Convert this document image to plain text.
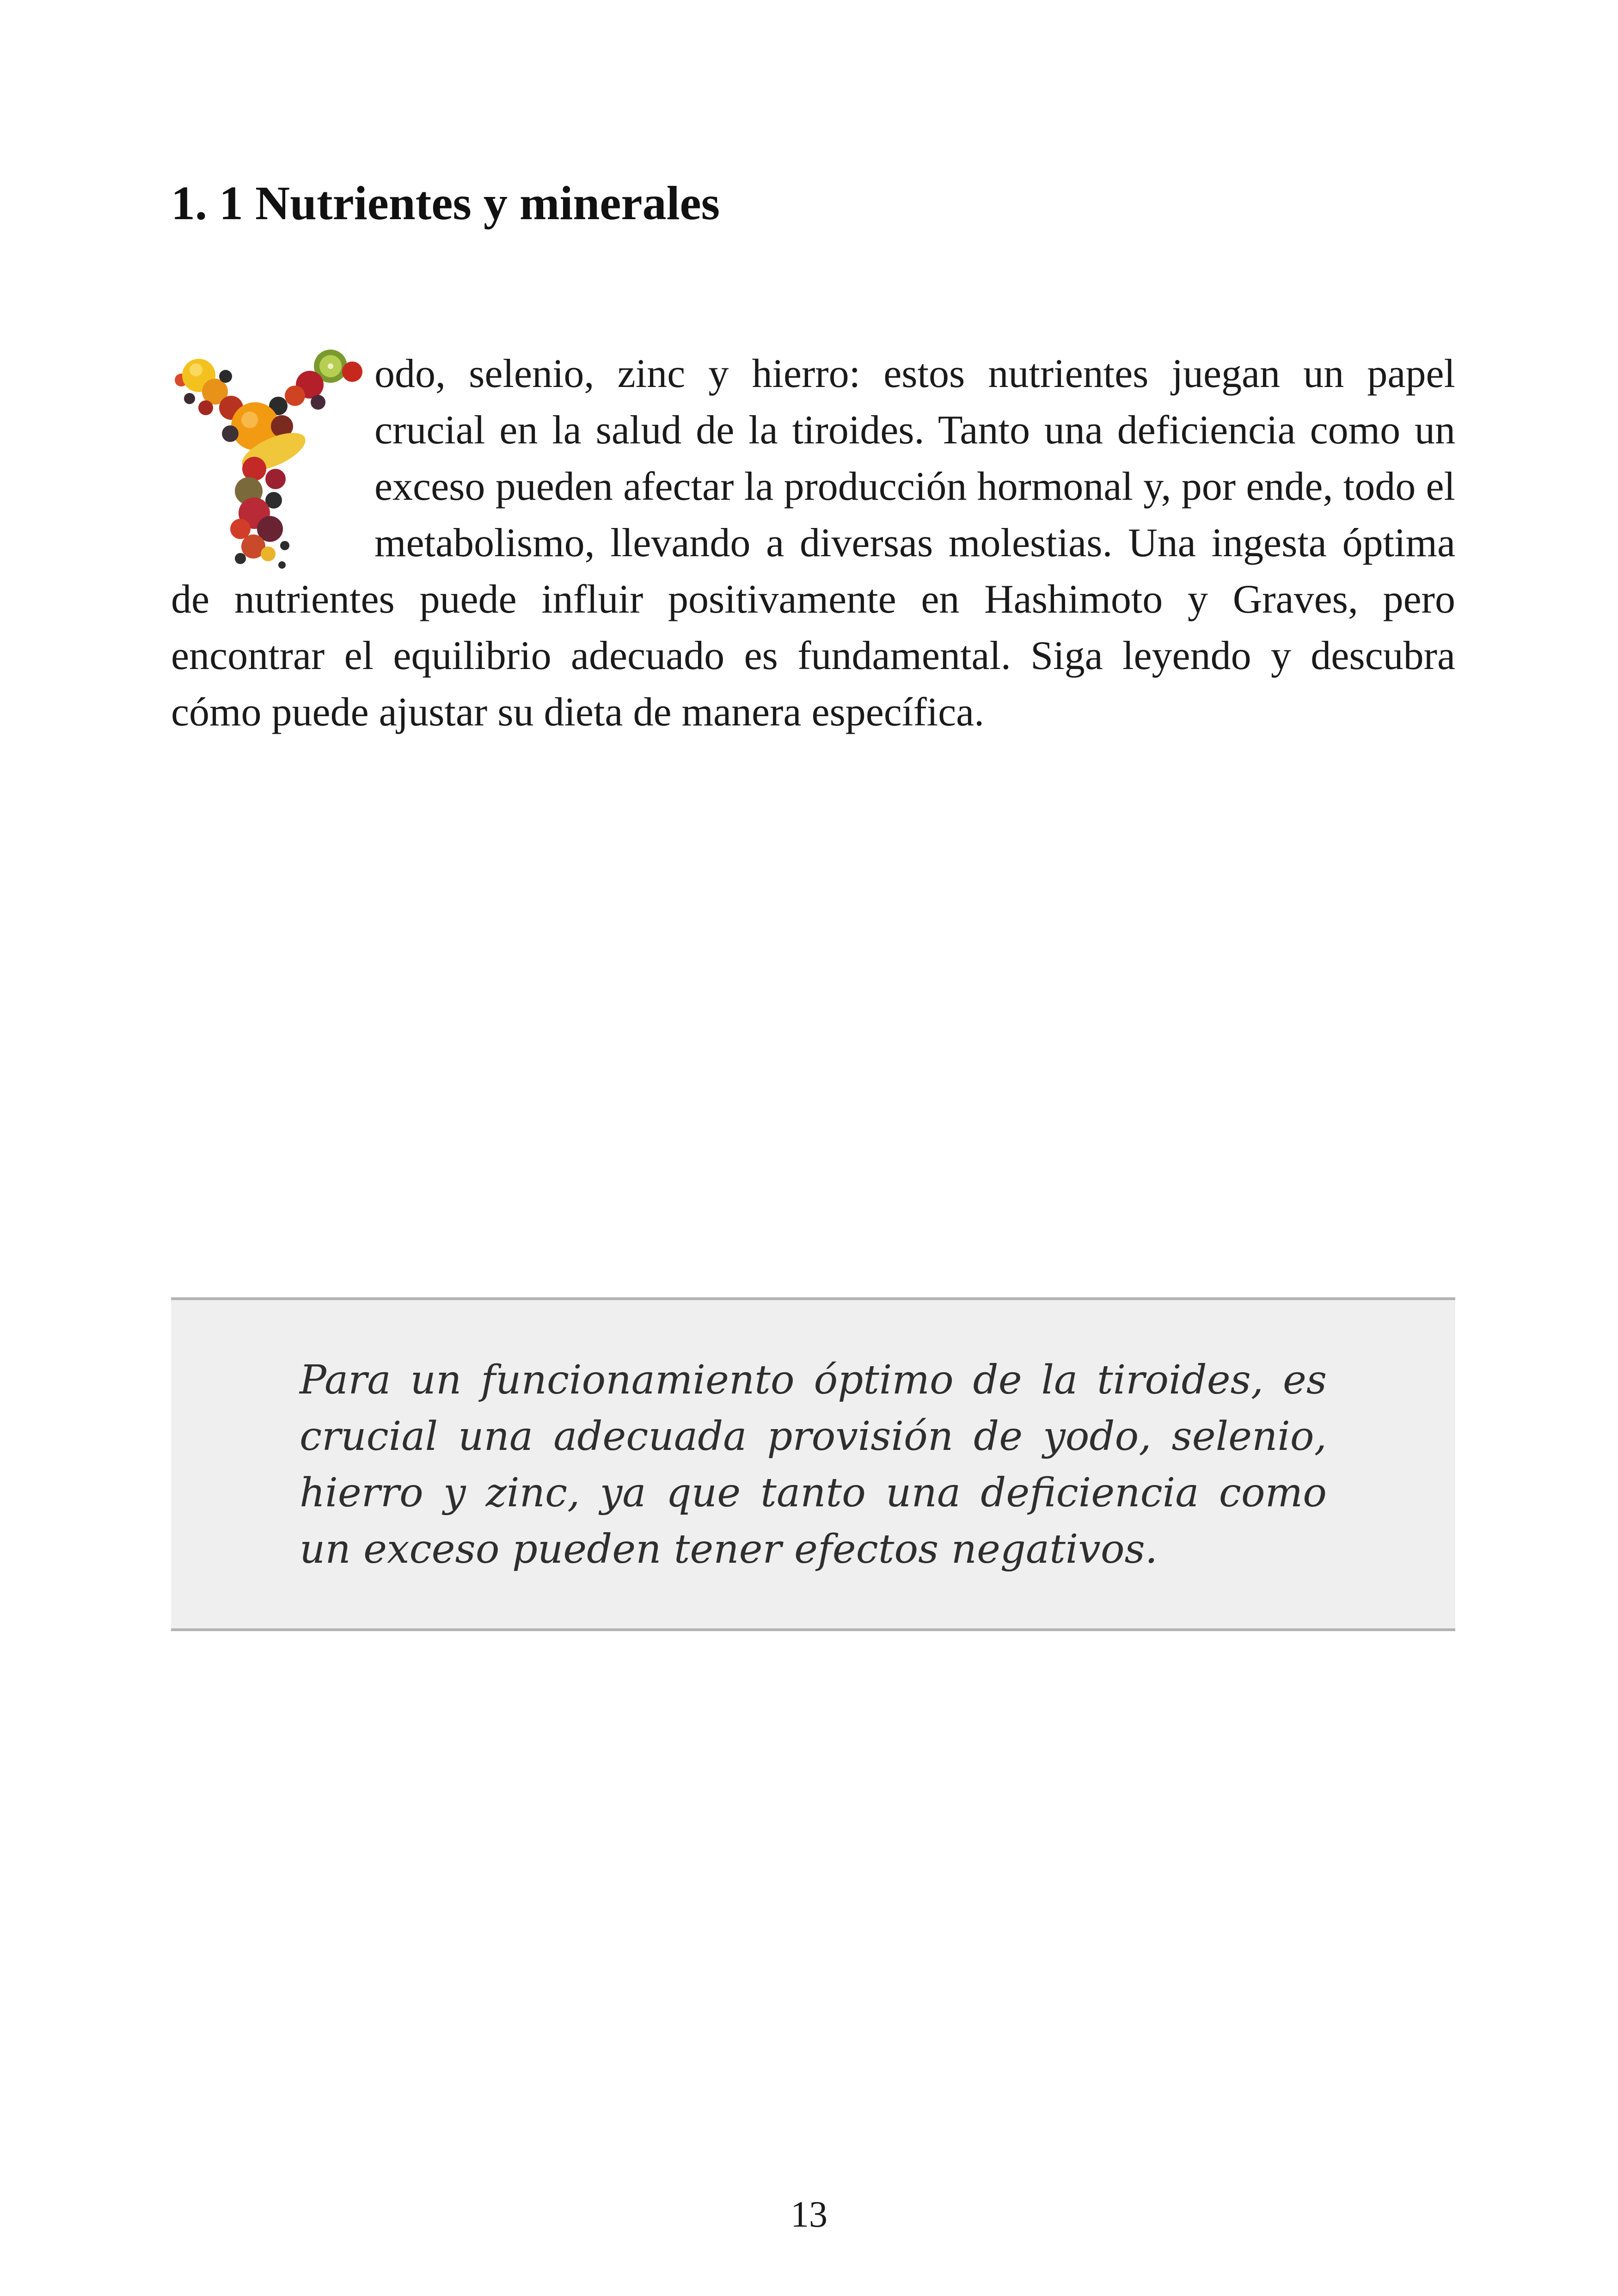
1. 1 Nutrientes y minerales

odo, selenio, zinc y hierro: estos nutrientes juegan un papel crucial en la salud de la tiroides. Tanto una deficiencia como un exceso pueden afectar la producción hormonal y, por ende, todo el metabolismo, llevando a diversas molestias. Una ingesta óptima de nutrientes puede influir positivamente en Hashimoto y Graves, pero encontrar el equilibrio adecuado es fundamental. Siga leyendo y descubra cómo puede ajustar su dieta de manera específica.

Para un funcionamiento óptimo de la tiroides, es crucial una adecuada provisión de yodo, selenio, hierro y zinc, ya que tanto una deficiencia como un exceso pueden tener efectos negativos.

13
